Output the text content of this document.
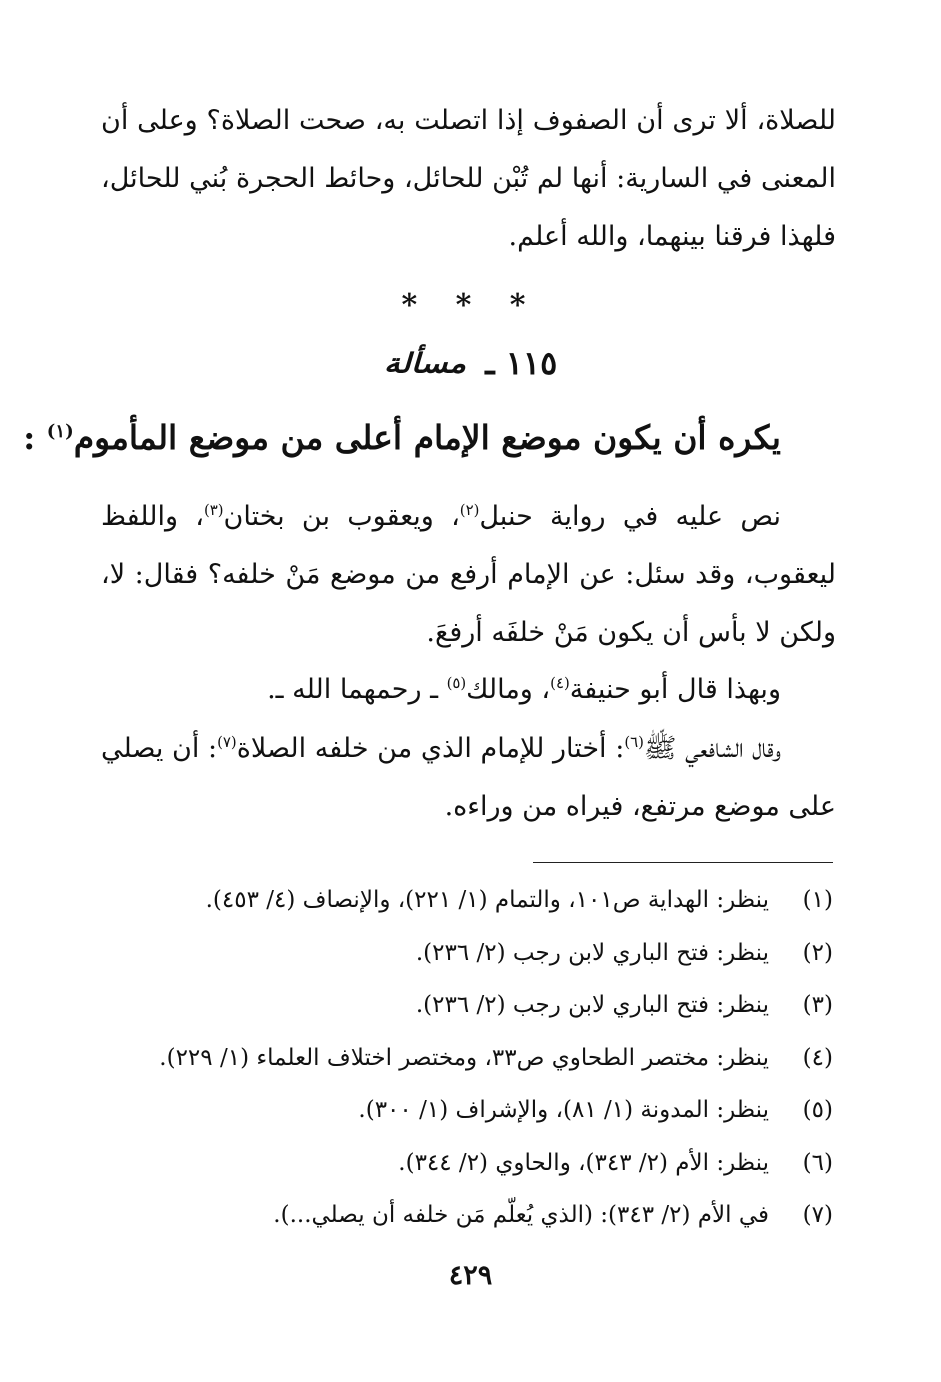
للصلاة، ألا ترى أن الصفوف إذا اتصلت به، صحت الصلاة؟ وعلى أن المعنى في السارية: أنها لم تُبْن للحائل، وحائط الحجرة بُني للحائل، فلهذا فرقنا بينهما، والله أعلم.
* * *
١١٥ ـ مسألة
يكره أن يكون موضع الإمام أعلى من موضع المأموم$^{(١)}$ :
نص عليه في رواية حنبل$^{(٢)}$، ويعقوب بن بختان$^{(٣)}$، واللفظ ليعقوب، وقد سئل: عن الإمام أرفع من موضع مَنْ خلفه؟ فقال: لا، ولكن لا بأس أن يكون مَنْ خلفَه أرفعَ.
وبهذا قال أبو حنيفة$^{(٤)}$، ومالك$^{(٥)}$ ـ رحمهما الله ـ.
وقال الشافعي ﷺ$^{(٦)}$: أختار للإمام الذي من خلفه الصلاة$^{(٧)}$: أن يصلي على موضع مرتفع، فيراه من وراءه.
(١)
ينظر: الهداية ص١٠١، والتمام (١/ ٢٢١)، والإنصاف (٤/ ٤٥٣).
(٢)
ينظر: فتح الباري لابن رجب (٢/ ٢٣٦).
(٣)
ينظر: فتح الباري لابن رجب (٢/ ٢٣٦).
(٤)
ينظر: مختصر الطحاوي ص٣٣، ومختصر اختلاف العلماء (١/ ٢٢٩).
(٥)
ينظر: المدونة (١/ ٨١)، والإشراف (١/ ٣٠٠).
(٦)
ينظر: الأم (٢/ ٣٤٣)، والحاوي (٢/ ٣٤٤).
(٧)
في الأم (٢/ ٣٤٣): (الذي يُعلّم مَن خلفه أن يصلي...).
٤٢٩
